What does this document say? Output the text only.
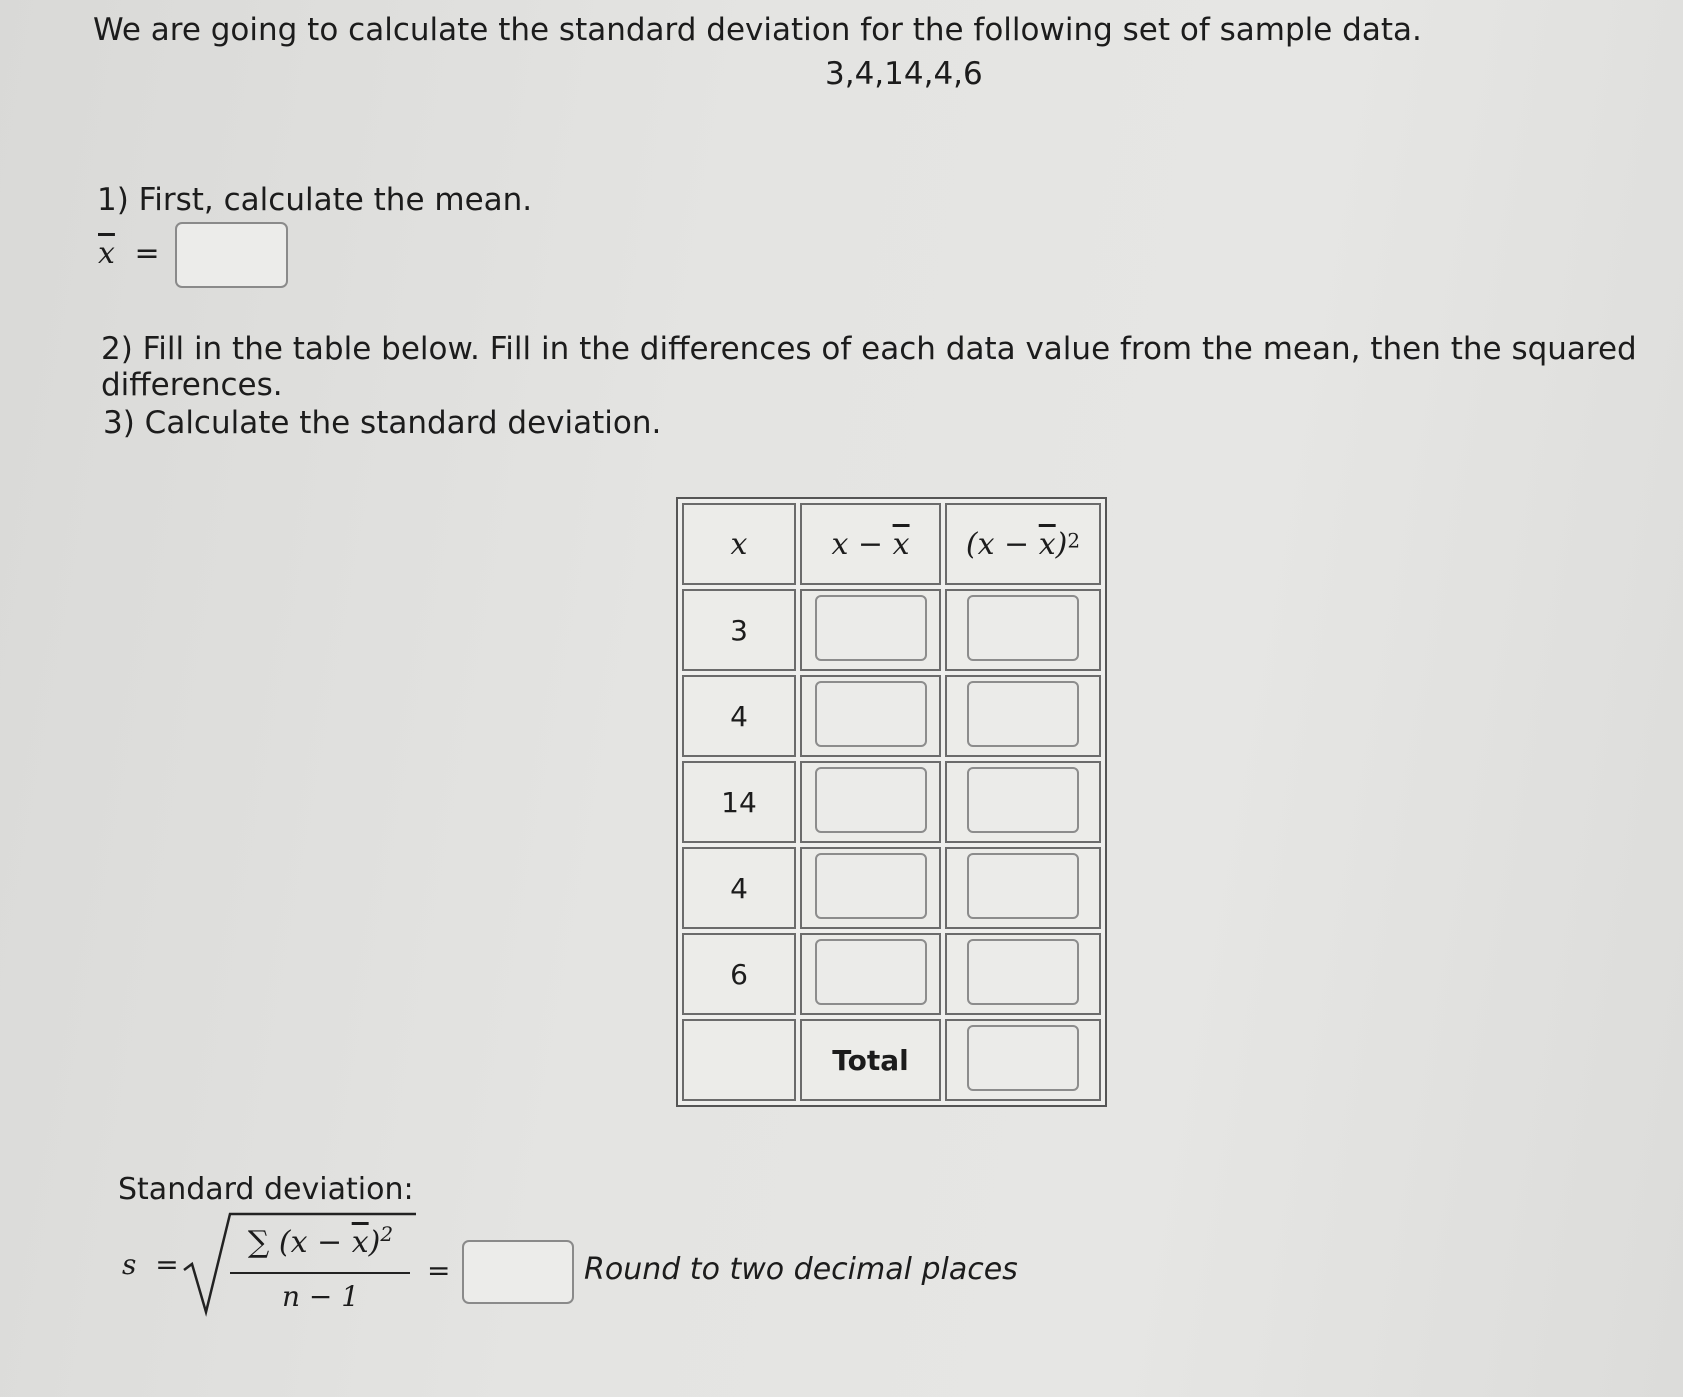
We are going to calculate the standard deviation for the following set of sample data.
3,4,14,4,6
1) First, calculate the mean.
$\overline{x}$ =
2) Fill in the table below. Fill in the differences of each data value from the mean, then the squared
differences.
3) Calculate the standard deviation.
x	$x - \overline{x}$	$(x - \overline{x})^2$
3		
4		
14		
4		
6		
	Total	
Standard deviation:
s =
∑ $(x - \overline{x})^2$
n − 1
=	Round to two decimal places
